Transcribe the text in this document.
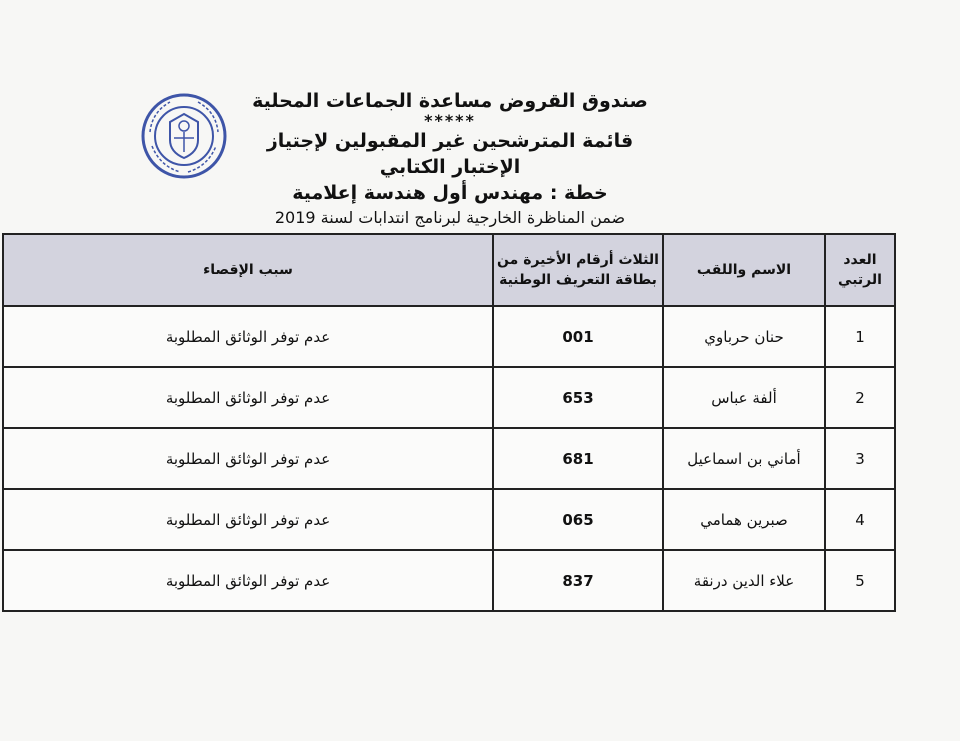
صندوق القروض مساعدة الجماعات المحلية
*****
قائمة المترشحين غير المقبولين لإجتياز الإختبار الكتابي
خطة : مهندس أول هندسة إعلامية
ضمن المناظرة الخارجية لبرنامج انتدابات لسنة 2019
العدد الرتبي	الاسم واللقب	الثلاث أرقام الأخيرة من بطاقة التعريف الوطنية	سبب الإقصاء
1	حنان حرباوي	001	عدم توفر الوثائق المطلوبة
2	ألفة عباس	653	عدم توفر الوثائق المطلوبة
3	أماني بن اسماعيل	681	عدم توفر الوثائق المطلوبة
4	صبرين همامي	065	عدم توفر الوثائق المطلوبة
5	علاء الدين درنقة	837	عدم توفر الوثائق المطلوبة
